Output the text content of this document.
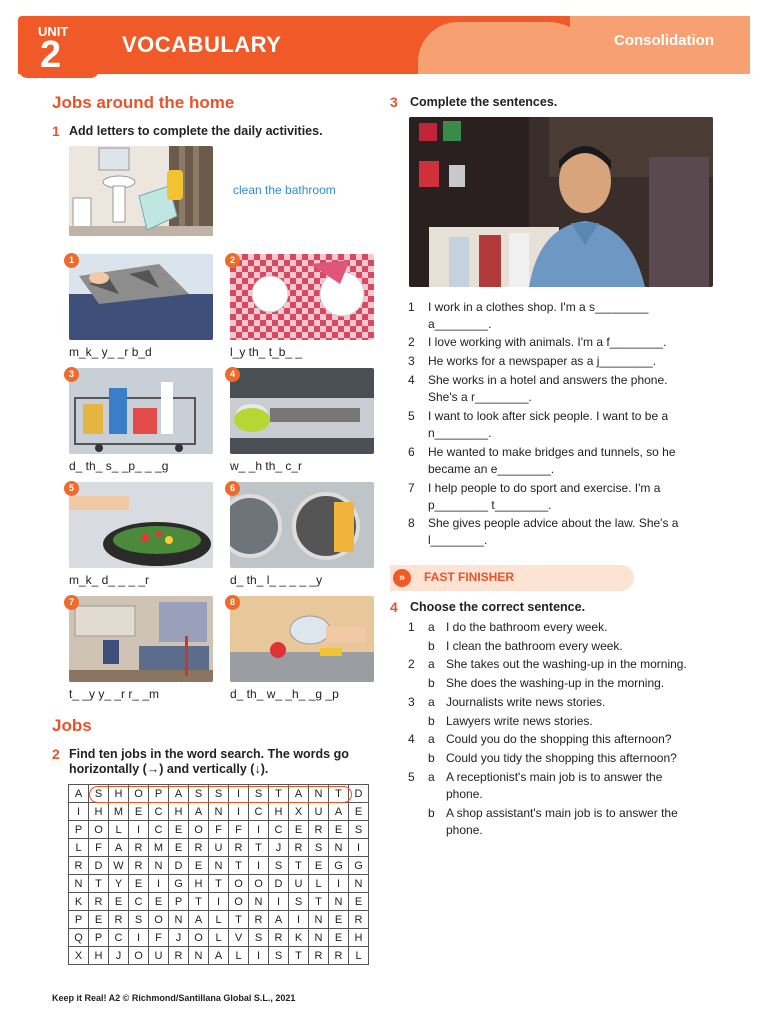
UNIT
2	VOCABULARY	Consolidation
Jobs around the home
1 Add letters to complete the daily activities.
clean the bathroom
1
m_k_ y_ _r b_d
2
l_y th_ t_b_ _
3
d_ th_ s_ _p_ _ _g
4
w_ _h th_ c_r
5
m_k_ d_ _ _ _r
6
d_ th_ l_ _ _ _ _y
7
t_ _y y_ _r r_ _m
8
d_ th_ w_ _h_ _g _p
Jobs
2 Find ten jobs in the word search. The words go
horizontally (→) and vertically (↓).
A	S	H	O	P	A	S	S	I	S	T	A	N	T	D
I	H	M	E	C	H	A	N	I	C	H	X	U	A	E
P	O	L	I	C	E	O	F	F	I	C	E	R	E	S
L	F	A	R	M	E	R	U	R	T	J	R	S	N	I
R	D	W	R	N	D	E	N	T	I	S	T	E	G	G
N	T	Y	E	I	G	H	T	O	O	D	U	L	I	N
K	R	E	C	E	P	T	I	O	N	I	S	T	N	E
P	E	R	S	O	N	A	L	T	R	A	I	N	E	R
Q	P	C	I	F	J	O	L	V	S	R	K	N	E	H
X	H	J	O	U	R	N	A	L	I	S	T	R	R	L
3 Complete the sentences.
1 I work in a clothes shop. I'm a s________
a________.
2 I love working with animals. I'm a f________.
3 He works for a newspaper as a j________.
4 She works in a hotel and answers the phone.
She's a r________.
5 I want to look after sick people. I want to be a
n________.
6 He wanted to make bridges and tunnels, so he
became an e________.
7 I help people to do sport and exercise. I'm a
p________ t________.
8 She gives people advice about the law. She's a
l________.
»	FAST FINISHER
4 Choose the correct sentence.
1 a I do the bathroom every week.
b I clean the bathroom every week.
2 a She takes out the washing-up in the morning.
b She does the washing-up in the morning.
3 a Journalists write news stories.
b Lawyers write news stories.
4 a Could you do the shopping this afternoon?
b Could you tidy the shopping this afternoon?
5 a A receptionist's main job is to answer the
phone.
b A shop assistant's main job is to answer the
phone.
Keep it Real! A2 © Richmond/Santillana Global S.L., 2021
